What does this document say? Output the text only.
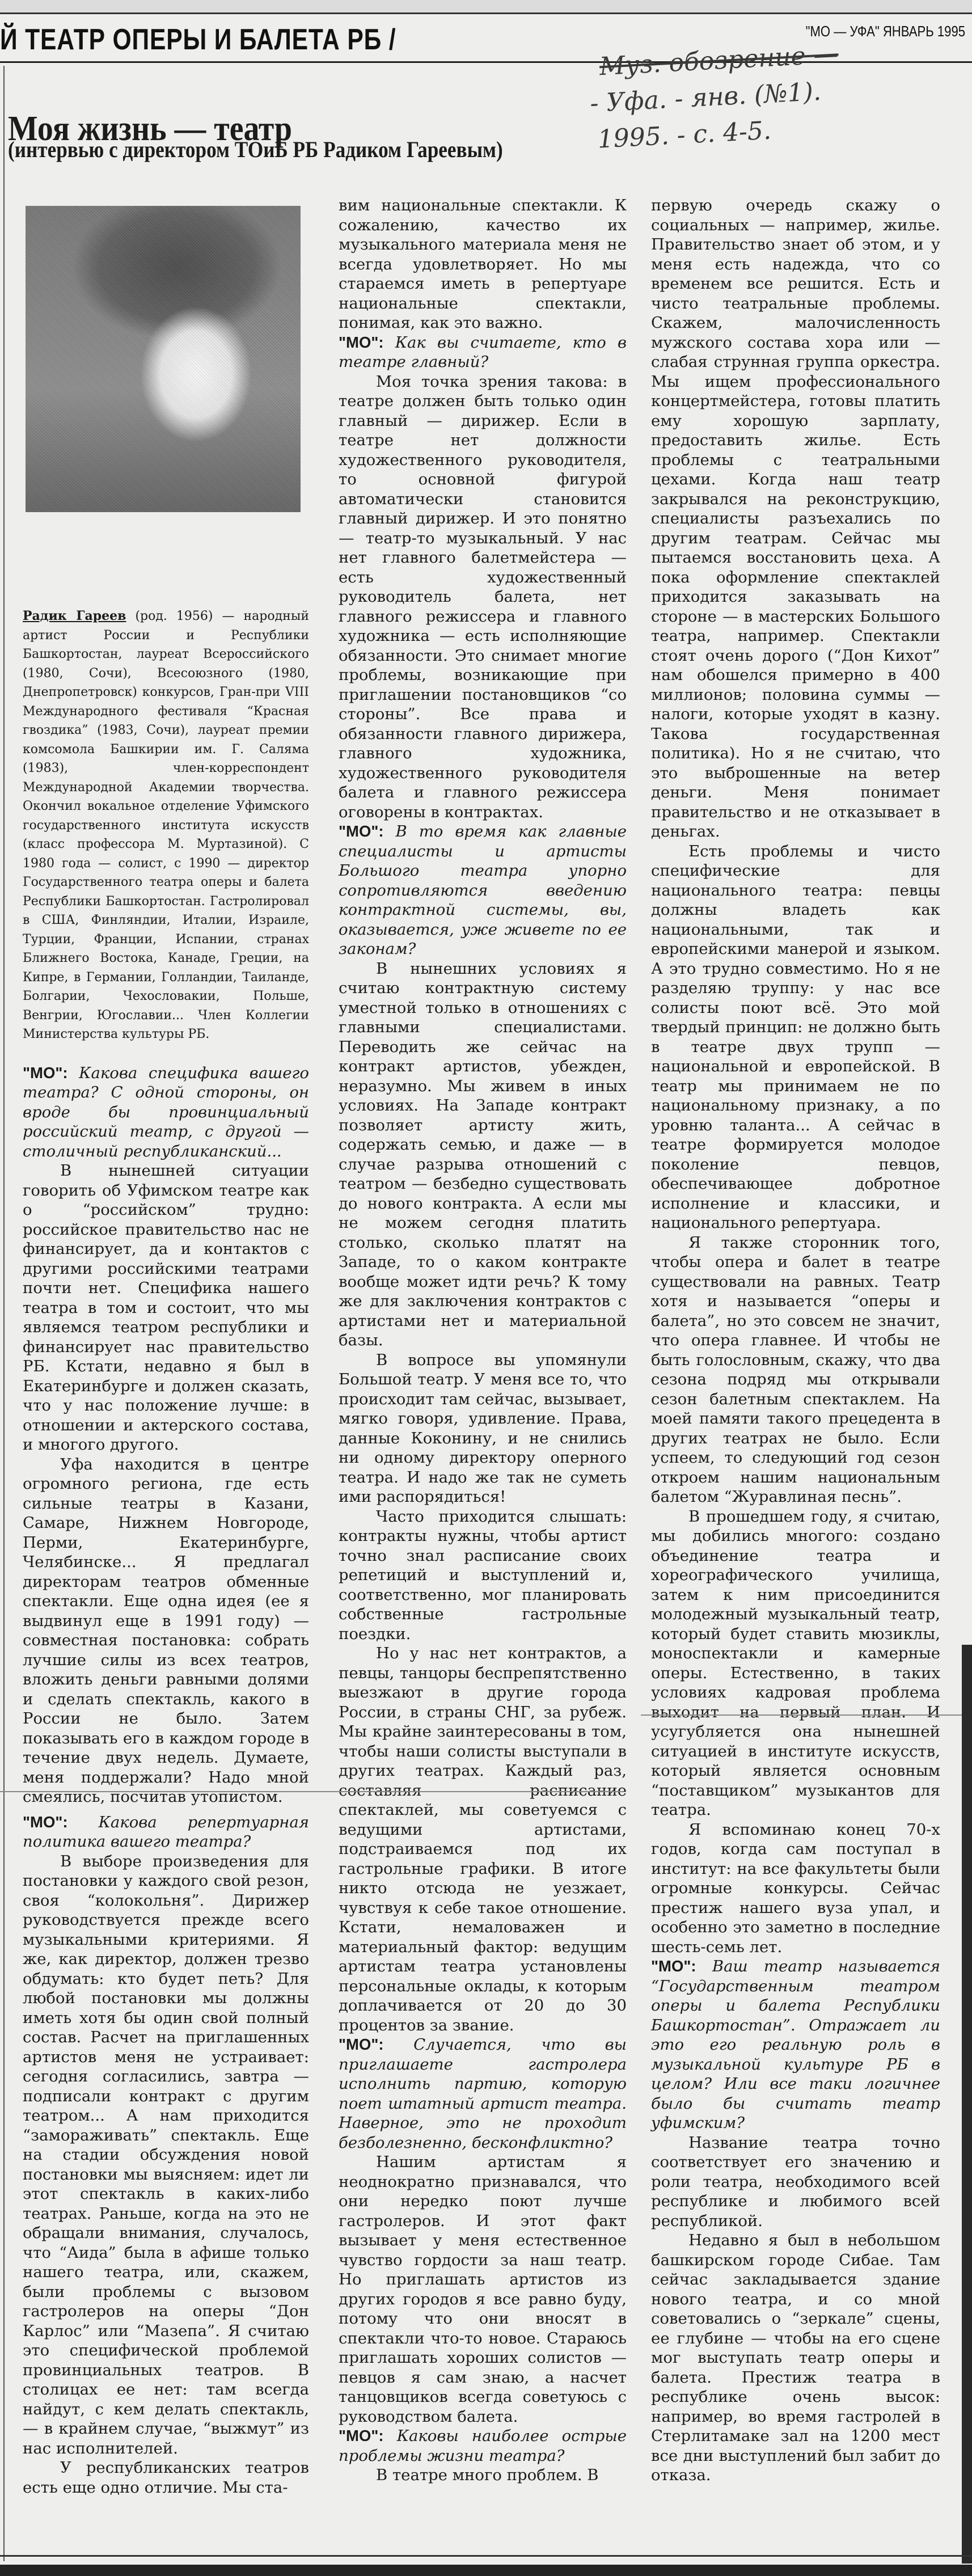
Й ТЕАТР ОПЕРЫ И БАЛЕТА РБ /	"МО — УФА" ЯНВАРЬ 1995
Муз. обозрение —
- Уфа. - янв. (№1).
1995. - с. 4-5.
Моя жизнь — театр
(интервью с директором ТОиБ РБ Радиком Гареевым)

Радик Гареев (род. 1956) — народный артист России и Республики Башкортостан, лауреат Всероссийского (1980, Сочи), Всесоюзного (1980, Днепропетровск) конкурсов, Гран-при VIII Международного фестиваля “Красная гвоздика” (1983, Сочи), лауреат премии комсомола Башкирии им. Г. Саляма (1983), член-корреспондент Международной Академии творчества. Окончил вокальное отделение Уфимского государственного института искусств (класс профессора М. Муртазиной). С 1980 года — солист, с 1990 — директор Государственного театра оперы и балета Республики Башкортостан. Гастролировал в США, Финляндии, Италии, Израиле, Турции, Франции, Испании, странах Ближнего Востока, Канаде, Греции, на Кипре, в Германии, Голландии, Таиланде, Болгарии, Чехословакии, Польше, Венгрии, Югославии... Член Коллегии Министерства культуры РБ.

"МО": Какова специфика вашего театра? С одной стороны, он вроде бы провинциальный российский театр, с другой — столичный республиканский...

В нынешней ситуации говорить об Уфимском театре как о “российском” трудно: российское правительство нас не финансирует, да и контактов с другими российскими театрами почти нет. Специфика нашего театра в том и состоит, что мы являемся театром республики и финансирует нас правительство РБ. Кстати, недавно я был в Екатеринбурге и должен сказать, что у нас положение лучше: в отношении и актерского состава, и многого другого.

Уфа находится в центре огромного региона, где есть сильные театры в Казани, Самаре, Нижнем Новгороде, Перми, Екатеринбурге, Челябинске... Я предлагал директорам театров обменные спектакли. Еще одна идея (ее я выдвинул еще в 1991 году) — совместная постановка: собрать лучшие силы из всех театров, вложить деньги равными долями и сделать спектакль, какого в России не было. Затем показывать его в каждом городе в течение двух недель. Думаете, меня поддержали? Надо мной смеялись, посчитав утопистом.

"МО": Какова репертуарная политика вашего театра?

В выборе произведения для постановки у каждого свой резон, своя “колокольня”. Дирижер руководствуется прежде всего музыкальными критериями. Я же, как директор, должен трезво обдумать: кто будет петь? Для любой постановки мы должны иметь хотя бы один свой полный состав. Расчет на приглашенных артистов меня не устраивает: сегодня согласились, завтра — подписали контракт с другим театром... А нам приходится “замораживать” спектакль. Еще на стадии обсуждения новой постановки мы выясняем: идет ли этот спектакль в каких-либо театрах. Раньше, когда на это не обращали внимания, случалось, что “Аида” была в афише только нашего театра, или, скажем, были проблемы с вызовом гастролеров на оперы “Дон Карлос” или “Мазепа”. Я считаю это специфической проблемой провинциальных театров. В столицах ее нет: там всегда найдут, с кем делать спектакль, — в крайнем случае, “выжмут” из нас исполнителей.

У республиканских театров есть еще одно отличие. Мы ста-

вим национальные спектакли. К сожалению, качество их музыкального материала меня не всегда удовлетворяет. Но мы стараемся иметь в репертуаре национальные спектакли, понимая, как это важно.

"МО": Как вы считаете, кто в театре главный?

Моя точка зрения такова: в театре должен быть только один главный — дирижер. Если в театре нет должности художественного руководителя, то основной фигурой автоматически становится главный дирижер. И это понятно — театр-то музыкальный. У нас нет главного балетмейстера — есть художественный руководитель балета, нет главного режиссера и главного художника — есть исполняющие обязанности. Это снимает многие проблемы, возникающие при приглашении постановщиков “со стороны”. Все права и обязанности главного дирижера, главного художника, художественного руководителя балета и главного режиссера оговорены в контрактах.

"МО": В то время как главные специалисты и артисты Большого театра упорно сопротивляются введению контрактной системы, вы, оказывается, уже живете по ее законам?

В нынешних условиях я считаю контрактную систему уместной только в отношениях с главными специалистами. Переводить же сейчас на контракт артистов, убежден, неразумно. Мы живем в иных условиях. На Западе контракт позволяет артисту жить, содержать семью, и даже — в случае разрыва отношений с театром — безбедно существовать до нового контракта. А если мы не можем сегодня платить столько, сколько платят на Западе, то о каком контракте вообще может идти речь? К тому же для заключения контрактов с артистами нет и материальной базы.

В вопросе вы упомянули Большой театр. У меня все то, что происходит там сейчас, вызывает, мягко говоря, удивление. Права, данные Коконину, и не снились ни одному директору оперного театра. И надо же так не суметь ими распорядиться!

Часто приходится слышать: контракты нужны, чтобы артист точно знал расписание своих репетиций и выступлений и, соответственно, мог планировать собственные гастрольные поездки.

Но у нас нет контрактов, а певцы, танцоры беспрепятственно выезжают в другие города России, в страны СНГ, за рубеж. Мы крайне заинтересованы в том, чтобы наши солисты выступали в других театрах. Каждый раз, составляя расписание спектаклей, мы советуемся с ведущими артистами, подстраиваемся под их гастрольные графики. В итоге никто отсюда не уезжает, чувствуя к себе такое отношение. Кстати, немаловажен и материальный фактор: ведущим артистам театра установлены персональные оклады, к которым доплачивается от 20 до 30 процентов за звание.

"МО": Случается, что вы приглашаете гастролера исполнить партию, которую поет штатный артист театра. Наверное, это не проходит безболезненно, бесконфликтно?

Нашим артистам я неоднократно признавался, что они нередко поют лучше гастролеров. И этот факт вызывает у меня естественное чувство гордости за наш театр. Но приглашать артистов из других городов я все равно буду, потому что они вносят в спектакли что-то новое. Стараюсь приглашать хороших солистов — певцов я сам знаю, а насчет танцовщиков всегда советуюсь с руководством балета.

"МО": Каковы наиболее острые проблемы жизни театра?

В театре много проблем. В

первую очередь скажу о социальных — например, жилье. Правительство знает об этом, и у меня есть надежда, что со временем все решится. Есть и чисто театральные проблемы. Скажем, малочисленность мужского состава хора или — слабая струнная группа оркестра. Мы ищем профессионального концертмейстера, готовы платить ему хорошую зарплату, предоставить жилье. Есть проблемы с театральными цехами. Когда наш театр закрывался на реконструкцию, специалисты разъехались по другим театрам. Сейчас мы пытаемся восстановить цеха. А пока оформление спектаклей приходится заказывать на стороне — в мастерских Большого театра, например. Спектакли стоят очень дорого (“Дон Кихот” нам обошелся примерно в 400 миллионов; половина суммы — налоги, которые уходят в казну. Такова государственная политика). Но я не считаю, что это выброшенные на ветер деньги. Меня понимает правительство и не отказывает в деньгах.

Есть проблемы и чисто специфические для национального театра: певцы должны владеть как национальными, так и европейскими манерой и языком. А это трудно совместимо. Но я не разделяю труппу: у нас все солисты поют всё. Это мой твердый принцип: не должно быть в театре двух трупп — национальной и европейской. В театр мы принимаем не по национальному признаку, а по уровню таланта... А сейчас в театре формируется молодое поколение певцов, обеспечивающее добротное исполнение и классики, и национального репертуара.

Я также сторонник того, чтобы опера и балет в театре существовали на равных. Театр хотя и называется “оперы и балета”, но это совсем не значит, что опера главнее. И чтобы не быть голословным, скажу, что два сезона подряд мы открывали сезон балетным спектаклем. На моей памяти такого прецедента в других театрах не было. Если успеем, то следующий год сезон откроем нашим национальным балетом “Журавлиная песнь”.

В прошедшем году, я считаю, мы добились многого: создано объединение театра и хореографического училища, затем к ним присоединится молодежный музыкальный театр, который будет ставить мюзиклы, моноспектакли и камерные оперы. Естественно, в таких условиях кадровая проблема выходит на первый план. И усугубляется она нынешней ситуацией в институте искусств, который является основным “поставщиком” музыкантов для театра.

Я вспоминаю конец 70-х годов, когда сам поступал в институт: на все факультеты были огромные конкурсы. Сейчас престиж нашего вуза упал, и особенно это заметно в последние шесть-семь лет.

"МО": Ваш театр называется “Государственным театром оперы и балета Республики Башкортостан”. Отражает ли это его реальную роль в музыкальной культуре РБ в целом? Или все таки логичнее было бы считать театр уфимским?

Название театра точно соответствует его значению и роли театра, необходимого всей республике и любимого всей республикой.

Недавно я был в небольшом башкирском городе Сибае. Там сейчас закладывается здание нового театра, и со мной советовались о “зеркале” сцены, ее глубине — чтобы на его сцене мог выступать театр оперы и балета. Престиж театра в республике очень высок: например, во время гастролей в Стерлитамаке зал на 1200 мест все дни выступлений был забит до отказа.
